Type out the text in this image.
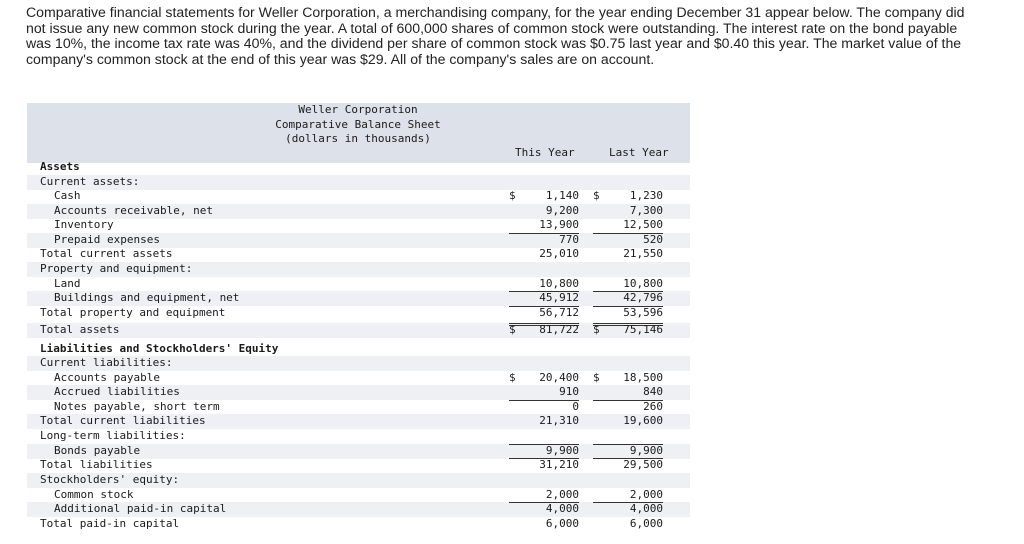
Comparative financial statements for Weller Corporation, a merchandising company, for the year ending December 31 appear below. The company did not issue any new common stock during the year. A total of 600,000 shares of common stock were outstanding. The interest rate on the bond payable was 10%, the income tax rate was 40%, and the dividend per share of common stock was $0.75 last year and $0.40 this year. The market value of the company's common stock at the end of this year was $29. All of the company's sales are on account.

Weller Corporation
Comparative Balance Sheet
(dollars in thousands)
This Year	Last Year
Assets
Current assets:
Cash	$	1,140 $	1,230
Accounts receivable, net	9,200	7,300
Inventory	13,900	12,500
Prepaid expenses	770	520
Total current assets	25,010	21,550
Property and equipment:
Land	10,800	10,800
Buildings and equipment, net	45,912	42,796
Total property and equipment	56,712	53,596
Total assets	$ 81,722 $ 75,146
Liabilities and Stockholders' Equity
Current liabilities:
Accounts payable	$ 20,400 $ 18,500
Accrued liabilities	910	840
Notes payable, short term	0	260
Total current liabilities	21,310	19,600
Long-term liabilities:
Bonds payable	9,900	9,900
Total liabilities	31,210	29,500
Stockholders' equity:
Common stock	2,000	2,000
Additional paid-in capital	4,000	4,000
Total paid-in capital	6,000	6,000
